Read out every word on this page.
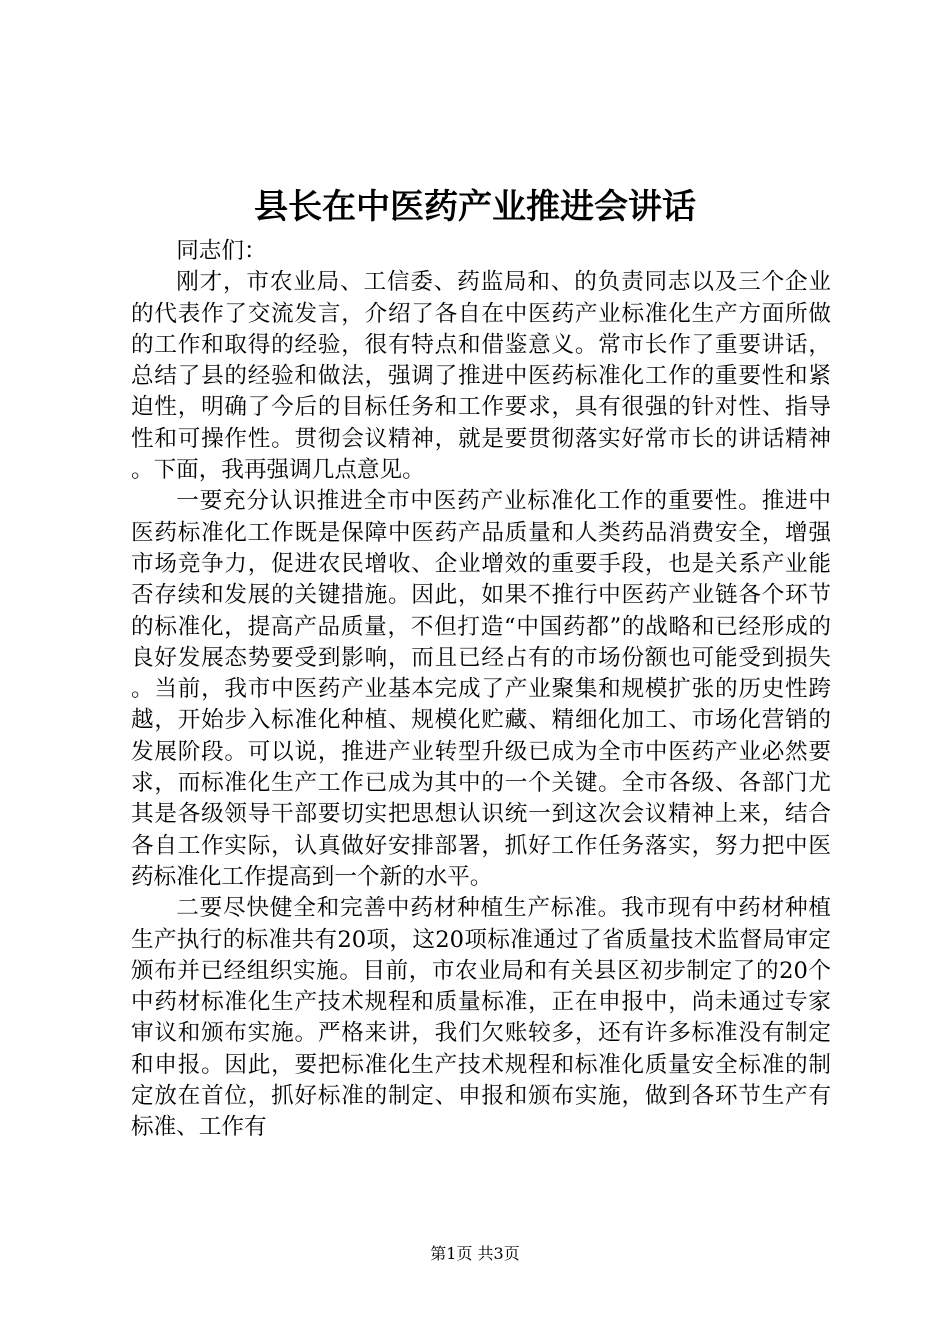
县长在中医药产业推进会讲话

同志们：

刚才，市农业局、工信委、药监局和、的负责同志以及三个企业的代表作了交流发言，介绍了各自在中医药产业标准化生产方面所做的工作和取得的经验，很有特点和借鉴意义。常市长作了重要讲话，总结了县的经验和做法，强调了推进中医药标准化工作的重要性和紧迫性，明确了今后的目标任务和工作要求，具有很强的针对性、指导性和可操作性。贯彻会议精神，就是要贯彻落实好常市长的讲话精神。下面，我再强调几点意见。

一要充分认识推进全市中医药产业标准化工作的重要性。推进中医药标准化工作既是保障中医药产品质量和人类药品消费安全，增强市场竞争力，促进农民增收、企业增效的重要手段，也是关系产业能否存续和发展的关键措施。因此，如果不推行中医药产业链各个环节的标准化，提高产品质量，不但打造“中国药都”的战略和已经形成的良好发展态势要受到影响，而且已经占有的市场份额也可能受到损失。当前，我市中医药产业基本完成了产业聚集和规模扩张的历史性跨越，开始步入标准化种植、规模化贮藏、精细化加工、市场化营销的发展阶段。可以说，推进产业转型升级已成为全市中医药产业必然要求，而标准化生产工作已成为其中的一个关键。全市各级、各部门尤其是各级领导干部要切实把思想认识统一到这次会议精神上来，结合各自工作实际，认真做好安排部署，抓好工作任务落实，努力把中医药标准化工作提高到一个新的水平。

二要尽快健全和完善中药材种植生产标准。我市现有中药材种植生产执行的标准共有20项，这20项标准通过了省质量技术监督局审定颁布并已经组织实施。目前，市农业局和有关县区初步制定了的20个中药材标准化生产技术规程和质量标准，正在申报中，尚未通过专家审议和颁布实施。严格来讲，我们欠账较多，还有许多标准没有制定和申报。因此，要把标准化生产技术规程和标准化质量安全标准的制定放在首位，抓好标准的制定、申报和颁布实施，做到各环节生产有标准、工作有

第1页 共3页
